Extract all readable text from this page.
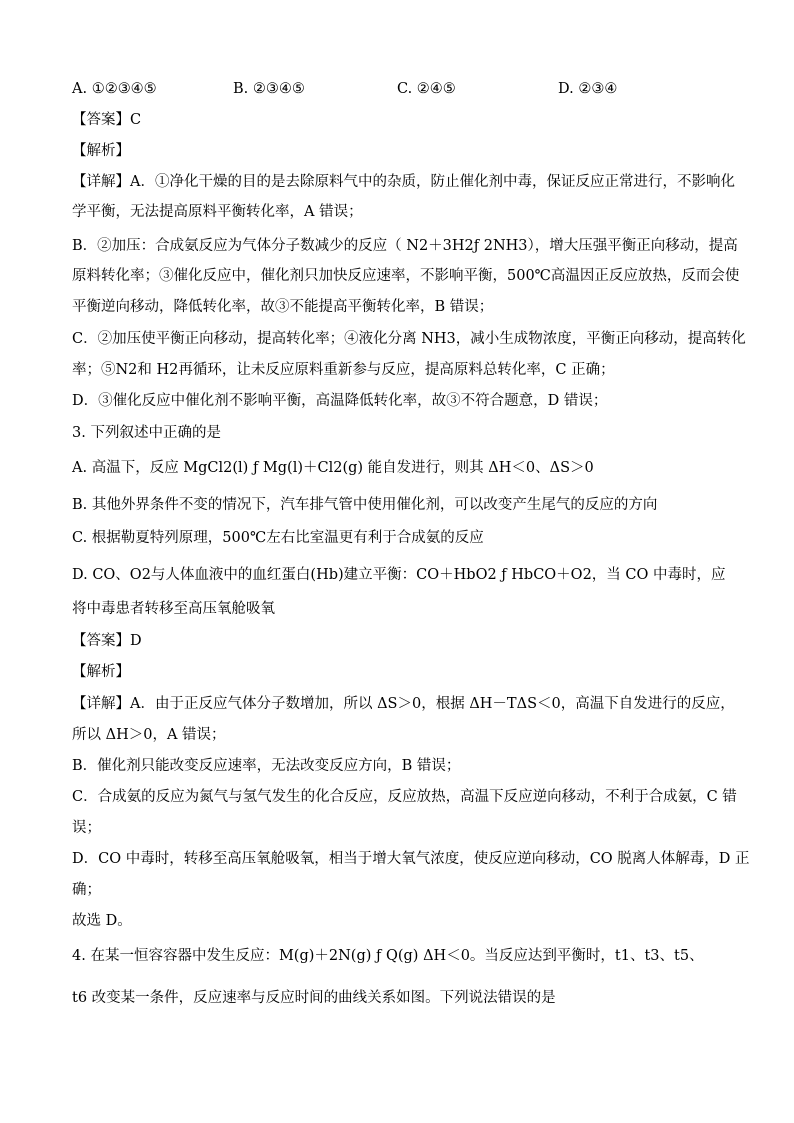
A. ①②③④⑤	B. ②③④⑤	C. ②④⑤	D. ②③④
【答案】C
【解析】
【详解】A．①净化干燥的目的是去除原料气中的杂质，防止催化剂中毒，保证反应正常进行，不影响化
学平衡，无法提高原料平衡转化率，A 错误；
B．②加压：合成氨反应为气体分子数减少的反应（ N2＋3H2ƒ 2NH3），增大压强平衡正向移动，提高
原料转化率；③催化反应中，催化剂只加快反应速率，不影响平衡，500℃高温因正反应放热，反而会使
平衡逆向移动，降低转化率，故③不能提高平衡转化率，B 错误；
C．②加压使平衡正向移动，提高转化率；④液化分离 NH3，减小生成物浓度，平衡正向移动，提高转化
率；⑤N2和 H2再循环，让未反应原料重新参与反应，提高原料总转化率，C 正确；
D．③催化反应中催化剂不影响平衡，高温降低转化率，故③不符合题意，D 错误；
3. 下列叙述中正确的是
A. 高温下，反应 MgCl2(l) ƒ Mg(l)＋Cl2(g) 能自发进行，则其 ΔH＜0、ΔS＞0
B. 其他外界条件不变的情况下，汽车排气管中使用催化剂，可以改变产生尾气的反应的方向
C. 根据勒夏特列原理，500℃左右比室温更有利于合成氨的反应
D. CO、O2与人体血液中的血红蛋白(Hb)建立平衡：CO＋HbO2 ƒ HbCO＋O2，当 CO 中毒时，应
将中毒患者转移至高压氧舱吸氧
【答案】D
【解析】
【详解】A．由于正反应气体分子数增加，所以 ΔS＞0，根据 ΔH－TΔS＜0，高温下自发进行的反应，
所以 ΔH＞0，A 错误；
B．催化剂只能改变反应速率，无法改变反应方向，B 错误；
C．合成氨的反应为氮气与氢气发生的化合反应，反应放热，高温下反应逆向移动，不利于合成氨，C 错
误；
D．CO 中毒时，转移至高压氧舱吸氧，相当于增大氧气浓度，使反应逆向移动，CO 脱离人体解毒，D 正
确；
故选 D。
4. 在某一恒容容器中发生反应：M(g)＋2N(g) ƒ Q(g) ΔH＜0。当反应达到平衡时，t1、t3、t5、
t6 改变某一条件，反应速率与反应时间的曲线关系如图。下列说法错误的是
